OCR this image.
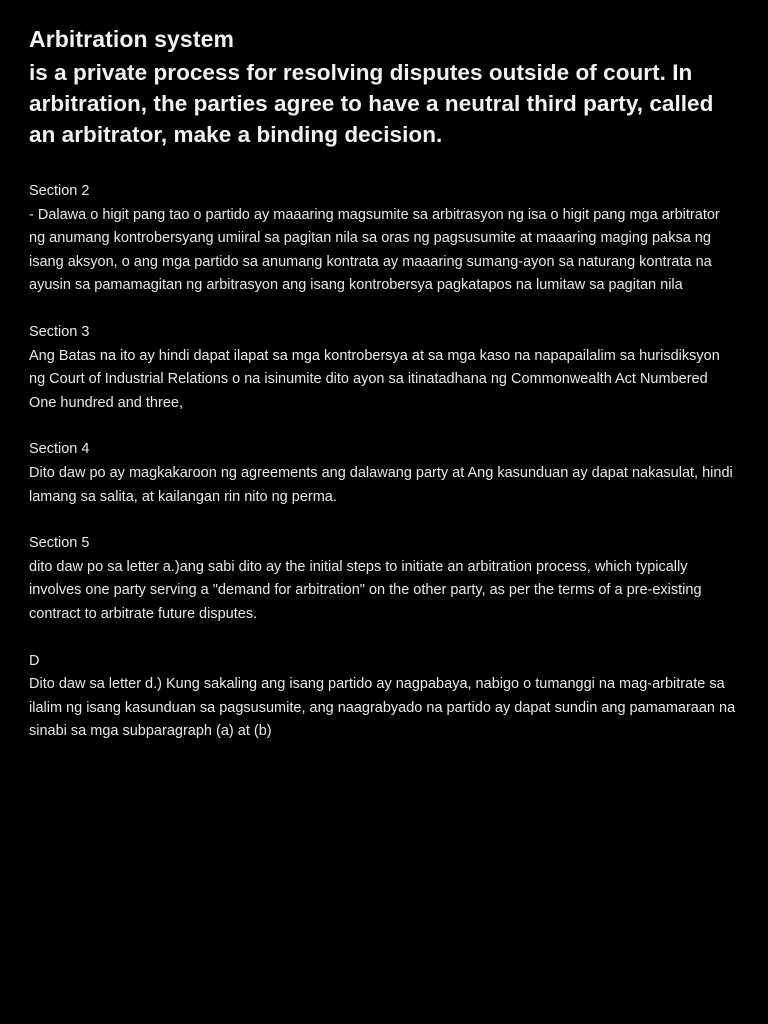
Arbitration system

is a private process for resolving disputes outside of court. In arbitration, the parties agree to have a neutral third party, called an arbitrator, make a binding decision.

Section 2

- Dalawa o higit pang tao o partido ay maaaring magsumite sa arbitrasyon ng isa o higit pang mga arbitrator ng anumang kontrobersyang umiiral sa pagitan nila sa oras ng pagsusumite at maaaring maging paksa ng isang aksyon, o ang mga partido sa anumang kontrata ay maaaring sumang-ayon sa naturang kontrata na ayusin sa pamamagitan ng arbitrasyon ang isang kontrobersya pagkatapos na lumitaw sa pagitan nila

Section 3

Ang Batas na ito ay hindi dapat ilapat sa mga kontrobersya at sa mga kaso na napapailalim sa hurisdiksyon ng Court of Industrial Relations o na isinumite dito ayon sa itinatadhana ng Commonwealth Act Numbered One hundred and three,

Section 4

Dito daw po ay magkakaroon ng agreements ang dalawang party at Ang kasunduan ay dapat nakasulat, hindi lamang sa salita, at kailangan rin nito ng perma.

Section 5

dito daw po sa letter a.)ang sabi dito ay the initial steps to initiate an arbitration process, which typically involves one party serving a "demand for arbitration" on the other party, as per the terms of a pre-existing contract to arbitrate future disputes.

D

Dito daw sa letter d.) Kung sakaling ang isang partido ay nagpabaya, nabigo o tumanggi na mag-arbitrate sa ilalim ng isang kasunduan sa pagsusumite, ang naagrabyado na partido ay dapat sundin ang pamamaraan na sinabi sa mga subparagraph (a) at (b)
